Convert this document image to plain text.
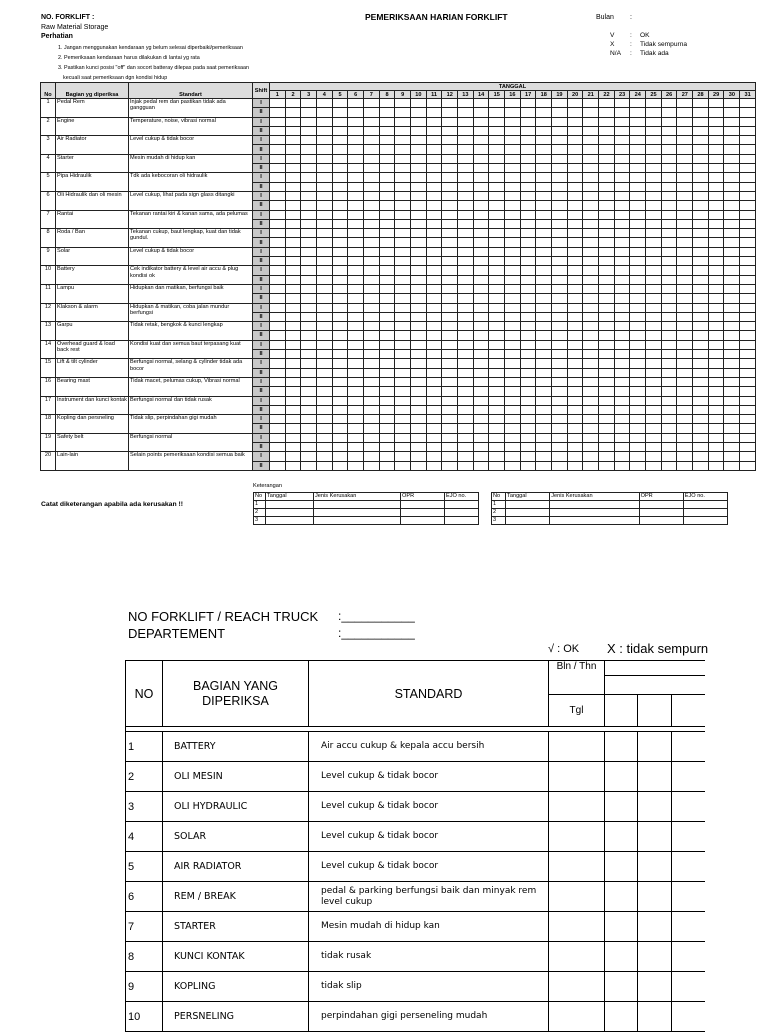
NO. FORKLIFT :
Raw Material Storage
Perhatian
PEMERIKSAAN HARIAN FORKLIFT	Bulan :
1. Jangan menggunakan kendaraan yg belum selesai diperbaiki/pemeriksaan
2. Pemeriksaan kendaraan harus dilakukan di lantai yg rata
3. Pastikan kunci posisi "off" dan socort batteray dilepas pada saat pemeriksaan
kecuali saat pemeriksaan dgn kondisi hidup
V : OK
X : Tidak sempurna
N/A : Tidak ada
No	Bagian yg diperiksa	Standart	Shift	TANGGAL																														
				1	2	3	4	5	6	7	8	9	10	11	12	13	14	15	16	17	18	19	20	21	22	23	24	25	26	27	28	29	30	31
1	Pedal Rem	Injak pedal rem dan pastikan tidak ada gangguan	I																															
			II																															
2	Engine	Temperature, noise, vibrasi normal	I																															
			II																															
3	Air Radiator	Level cukup & tidak bocor	I																															
			II																															
4	Starter	Mesin mudah di hidup kan	I																															
			II																															
5	Pipa Hidraulik	Tdk ada kebocoran oli hidraulik	I																															
			II																															
6	Oli Hidraulik dan oli mesin	Level cukup, lihat pada sign glass ditangki	I																															
			II																															
7	Rantai	Tekanan rantai kiri & kanan sama, ada pelumas	I																															
			II																															
8	Roda / Ban	Tekanan cukup, baut lengkap, kuat dan tidak gundul.	I																															
			II																															
9	Solar	Level cukup & tidak bocor	I																															
			II																															
10	Battery	Cek indikator battery & level air accu & plug kondisi ok	I																															
			II																															
11	Lampu	Hidupkan dan matikan, berfungsi baik	I																															
			II																															
12	Klakson & alarm	Hidupkan & matikan, coba jalan mundur berfungsi	I																															
			II																															
13	Garpu	Tidak retak, bengkok & kunci lengkap	I																															
			II																															
14	Overhead guard & load back rest	Kondisi kuat dan semua baut terpasang kuat	I																															
			II																															
15	Lift & tilt cylinder	Berfungsi normal, selang & cylinder tidak ada bocor	I																															
			II																															
16	Bearing mast	Tidak macet, pelumas cukup, Vibrasi normal	I																															
			II																															
17	Instrument dan kunci kontak	Berfungsi normal dan tidak rusak	I																															
			II																															
18	Kopling dan persneling	Tidak slip, perpindahan gigi mudah	I																															
			II																															
19	Safety belt	Berfungsi normal	I																															
			II																															
20	Lain-lain	Selain points pemeriksaan kondisi semua baik	I																															
			II																															
Keterangan
Catat diketerangan apabila ada kerusakan !!
No	Tanggal	Jenis Kerusakan	OPR	EJO no.
1				
2				
3				
No	Tanggal	Jenis Kerusakan	OPR	EJO no.
1				
2				
3				
NO FORKLIFT / REACH TRUCK
DEPARTEMENT
:___________
:___________
√ : OK X : tidak sempurn
NO	BAGIAN YANG DIPERIKSA	STANDARD	Bln / Thn			

			Tgl			

1	BATTERY	Air accu cukup & kepala accu bersih				
2	OLI MESIN	Level cukup & tidak bocor				
3	OLI HYDRAULIC	Level cukup & tidak bocor				
4	SOLAR	Level cukup & tidak bocor				
5	AIR RADIATOR	Level cukup & tidak bocor				
6	REM / BREAK	pedal & parking berfungsi baik dan minyak rem level cukup				
7	STARTER	Mesin mudah di hidup kan				
8	KUNCI KONTAK	tidak rusak				
9	KOPLING	tidak slip				
10	PERSNELING	perpindahan gigi perseneling mudah				
